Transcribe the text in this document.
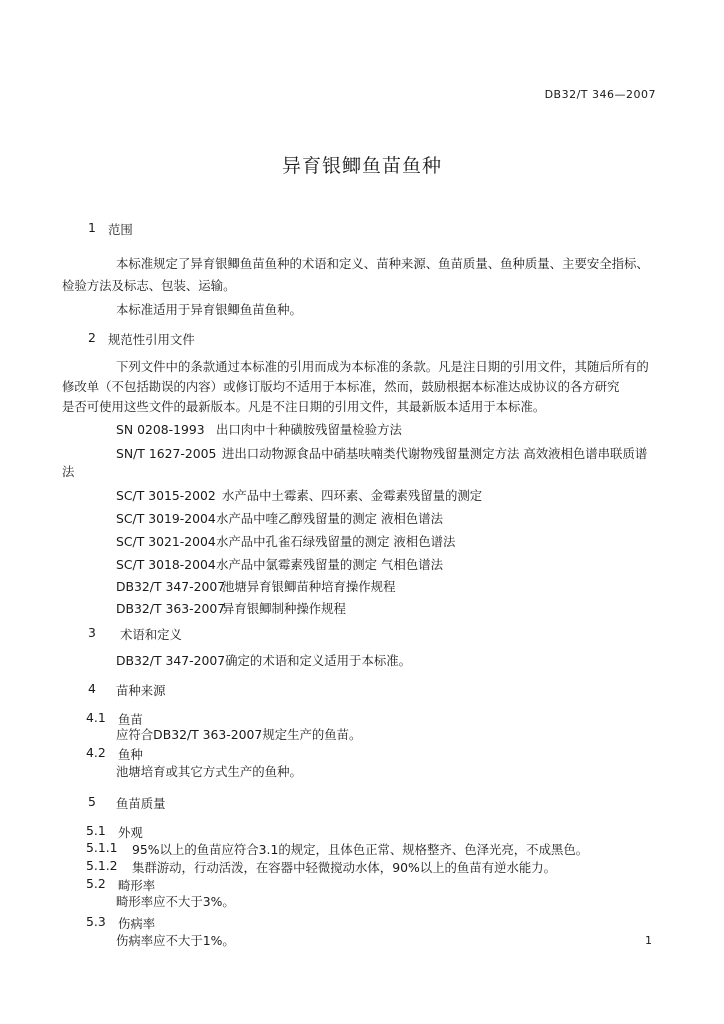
DB32/T 346—2007
异育银鲫鱼苗鱼种
1 范围
本标准规定了异育银鲫鱼苗鱼种的术语和定义、苗种来源、鱼苗质量、鱼种质量、主要安全指标、
检验方法及标志、包装、运输。
本标准适用于异育银鲫鱼苗鱼种。
2 规范性引用文件
下列文件中的条款通过本标准的引用而成为本标准的条款。凡是注日期的引用文件，其随后所有的
修改单（不包括勘误的内容）或修订版均不适用于本标准，然而，鼓励根据本标准达成协议的各方研究
是否可使用这些文件的最新版本。凡是不注日期的引用文件，其最新版本适用于本标准。
SN 0208-1993 出口肉中十种磺胺残留量检验方法
SN/T 1627-2005 进出口动物源食品中硝基呋喃类代谢物残留量测定方法 高效液相色谱串联质谱
法
SC/T 3015-2002 水产品中土霉素、四环素、金霉素残留量的测定
SC/T 3019-2004水产品中喹乙醇残留量的测定 液相色谱法
SC/T 3021-2004水产品中孔雀石绿残留量的测定 液相色谱法
SC/T 3018-2004水产品中氯霉素残留量的测定 气相色谱法
DB32/T 347-2007池塘异育银鲫苗种培育操作规程
DB32/T 363-2007异育银鲫制种操作规程
3 术语和定义
DB32/T 347-2007确定的术语和定义适用于本标准。
4 苗种来源
4.1 鱼苗
应符合DB32/T 363-2007规定生产的鱼苗。
4.2 鱼种
池塘培育或其它方式生产的鱼种。
5 鱼苗质量
5.1 外观
5.1.1 95%以上的鱼苗应符合3.1的规定，且体色正常、规格整齐、色泽光亮，不成黑色。
5.1.2 集群游动，行动活泼，在容器中轻微搅动水体，90%以上的鱼苗有逆水能力。
5.2 畸形率
畸形率应不大于3%。
5.3 伤病率
伤病率应不大于1%。	1
